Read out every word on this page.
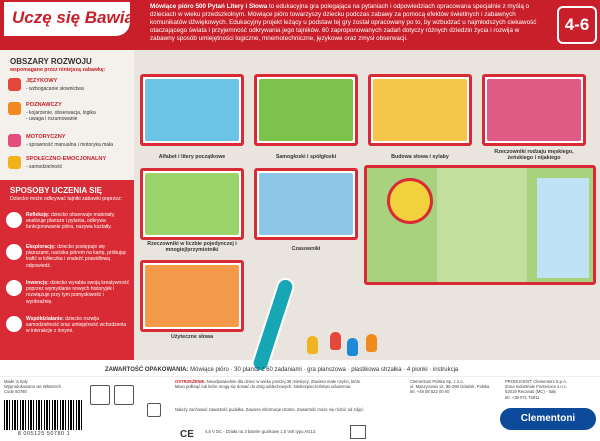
Uczę się Bawiąc
Mówiące pióro 500 Pytań Litery i Słowa to edukacyjna gra polegająca na pytaniach i odpowiedziach opracowana specjalnie z myślą o dzieciach w wieku przedszkolnym. Mówiące pióro towarzyszy dziecku podczas zabawy za pomocą efektów świetlnych i zabawnych komunikatów dźwiękowych. Edukacyjny projekt leżący u podstaw tej gry został opracowany po to, by wzbudzać u najmłodszych ciekawość otaczającego świata i przyjemność odkrywania jego tajników. 60 zaproponowanych zadań dotyczy różnych dziedzin życia i rozwija w zabawny sposób umiejętności logiczne, mnemotechniczne, językowe oraz zmysł obserwacji.
4-6
OBSZARY ROZWOJU
wspomagane przez niniejszą zabawkę:
JĘZYKOWY
- wzbogacanie słownictwa
POZNAWCZY
- kojarzenie, obserwacja, logika
- uwaga i rozumowanie
MOTORYCZNY
- sprawność manualna i motoryka mała
SPOŁECZNO-EMOCJONALNY
- samodzielność
SPOSOBY UCZENIA SIĘ
Dziecko może odkrywać tajniki zabawki poprzez:
Refleksję: dziecko obserwuje materiały, analizuje plansze i pytania, odkrywa funkcjonowanie pióra, nazywa kształty.
Eksplorację: dziecko postępuje się planszami, naciska piórem na kartę, próbując trafić w kółeczka i znaleźć prawidłową odpowiedź.
Inwencję: dziecko wyrabia swoją kreatywność poprzez wymyślanie nowych historyjek i rozwiązuje przy tym pomysłowość i wyobraźnię.
Współdziałanie: dziecko rozwija samodzielność oraz umiejętność wchodzenia w interakcje z innymi.
Alfabet i litery początkowe	Samogłoski i spółgłoski	Budowa słowa i sylaby
Rzeczowniki rodzaju męskiego, żeńskiego i nijakiego
Rzeczowniki w liczbie pojedynczej i mnogiej/przymiotniki	Czasowniki
Użyteczne słowa
ZAWARTOŚĆ OPAKOWANIA: Mówiące pióro · 30 plansz z 60 zadaniami · gra planszowa · plastikowa strzałka · 4 pionki · instrukcja
Made in Italy
Wyprodukowano we Włoszech
Code 50780
OSTRZEŻENIE. Nieodpowiednie dla dzieci w wieku poniżej 36 miesięcy. Zawiera małe części, które łatwo połknąć lub które mogą się dostać do dróg oddechowych. Niebezpieczeństwo uduszenia.
Należy zachować zawartość pudełka. Zawiera informacje istotne. Zawartość może się różnić od zdjęć.
4,5 V DC - Działa na 3 baterie guzikowe 1,5 Volt typu AG13.
Clementoni Polska Sp. z o.o.
ul. Maszynowa 12, 80-298 Gdańsk, Polska
tel. +48 58 522 00 00
PRODUCENT: Clementoni S.p.A.
Zona Industriale Fontenoce s.n.c.
62019 Recanati (MC) - Italy
tel. +39 071 75811
CE
8 005125 50780 1
Clementoni
